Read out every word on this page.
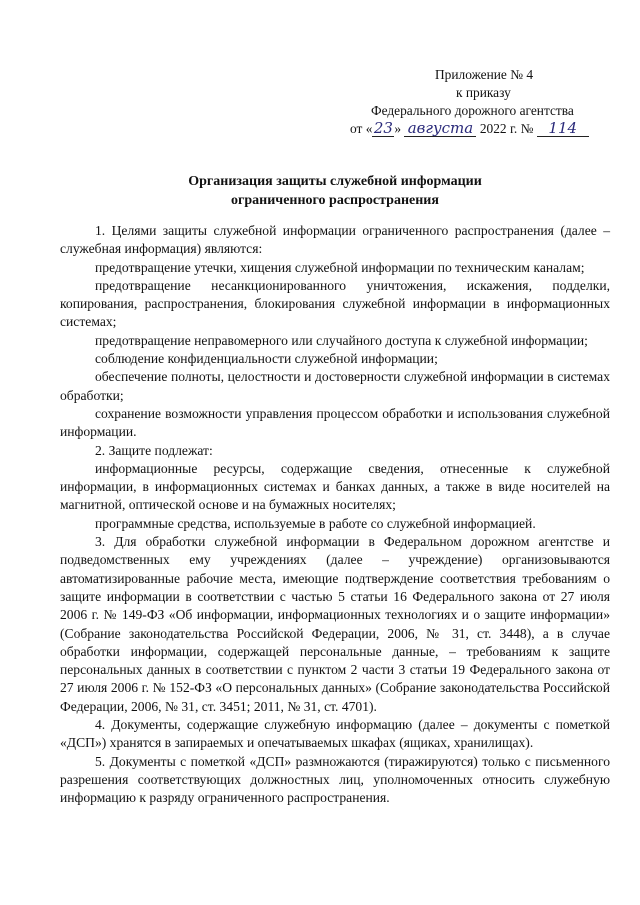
Приложение № 4
к приказу
Федерального дорожного агентства
от «23» августа 2022 г. № 114
Организация защиты служебной информации
ограниченного распространения

1. Целями защиты служебной информации ограниченного распространения (далее – служебная информация) являются:

предотвращение утечки, хищения служебной информации по техническим каналам;

предотвращение несанкционированного уничтожения, искажения, подделки, копирования, распространения, блокирования служебной информации в информационных системах;

предотвращение неправомерного или случайного доступа к служебной информации;

соблюдение конфиденциальности служебной информации;

обеспечение полноты, целостности и достоверности служебной информации в системах обработки;

сохранение возможности управления процессом обработки и использования служебной информации.

2. Защите подлежат:

информационные ресурсы, содержащие сведения, отнесенные к служебной информации, в информационных системах и банках данных, а также в виде носителей на магнитной, оптической основе и на бумажных носителях;

программные средства, используемые в работе со служебной информацией.

3. Для обработки служебной информации в Федеральном дорожном агентстве и подведомственных ему учреждениях (далее – учреждение) организовываются автоматизированные рабочие места, имеющие подтверждение соответствия требованиям о защите информации в соответствии с частью 5 статьи 16 Федерального закона от 27 июля 2006 г. № 149-ФЗ «Об информации, информационных технологиях и о защите информации» (Собрание законодательства Российской Федерации, 2006, № 31, ст. 3448), а в случае обработки информации, содержащей персональные данные, – требованиям к защите персональных данных в соответствии с пунктом 2 части 3 статьи 19 Федерального закона от 27 июля 2006 г. № 152-ФЗ «О персональных данных» (Собрание законодательства Российской Федерации, 2006, № 31, ст. 3451; 2011, № 31, ст. 4701).

4. Документы, содержащие служебную информацию (далее – документы с пометкой «ДСП») хранятся в запираемых и опечатываемых шкафах (ящиках, хранилищах).

5. Документы с пометкой «ДСП» размножаются (тиражируются) только с письменного разрешения соответствующих должностных лиц, уполномоченных относить служебную информацию к разряду ограниченного распространения.
